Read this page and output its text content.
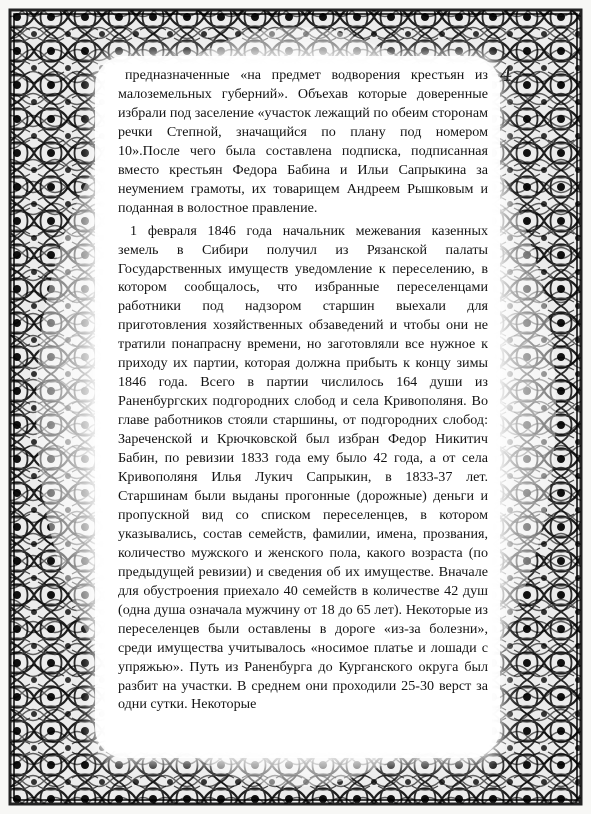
4

предназначенные «на предмет водворения крестьян из малоземельных губерний». Объехав которые доверенные избрали под заселение «участок лежащий по обеим сторонам речки Степной, значащийся по плану под номером 10».После чего была составлена подписка, подписанная вместо крестьян Федора Бабина и Ильи Сапрыкина за неумением грамоты, их товарищем Андреем Рышковым и поданная в волостное правление.

1 февраля 1846 года начальник межевания казенных земель в Сибири получил из Рязанской палаты Государственных имуществ уведомление к переселению, в котором сообщалось, что избранные переселенцами работники под надзором старшин выехали для приготовления хозяйственных обзаведений и чтобы они не тратили понапрасну времени, но заготовляли все нужное к приходу их партии, которая должна прибыть к концу зимы 1846 года. Всего в партии числилось 164 души из Раненбургских подгородних слобод и села Кривополяня. Во главе работников стояли старшины, от подгородних слобод: Зареченской и Крючковской был избран Федор Никитич Бабин, по ревизии 1833 года ему было 42 года, а от села Кривополяня Илья Лукич Сапрыкин, в 1833-37 лет. Старшинам были выданы прогонные (дорожные) деньги и пропускной вид со списком переселенцев, в котором указывались, состав семейств, фамилии, имена, прозвания, количество мужского и женского пола, какого возраста (по предыдущей ревизии) и сведения об их имуществе. Вначале для обустроения приехало 40 семейств в количестве 42 душ (одна душа означала мужчину от 18 до 65 лет). Некоторые из переселенцев были оставлены в дороге «из-за болезни», среди имущества учитывалось «носимое платье и лошади с упряжью». Путь из Раненбурга до Курганского округа был разбит на участки. В среднем они проходили 25-30 верст за одни сутки. Некоторые
